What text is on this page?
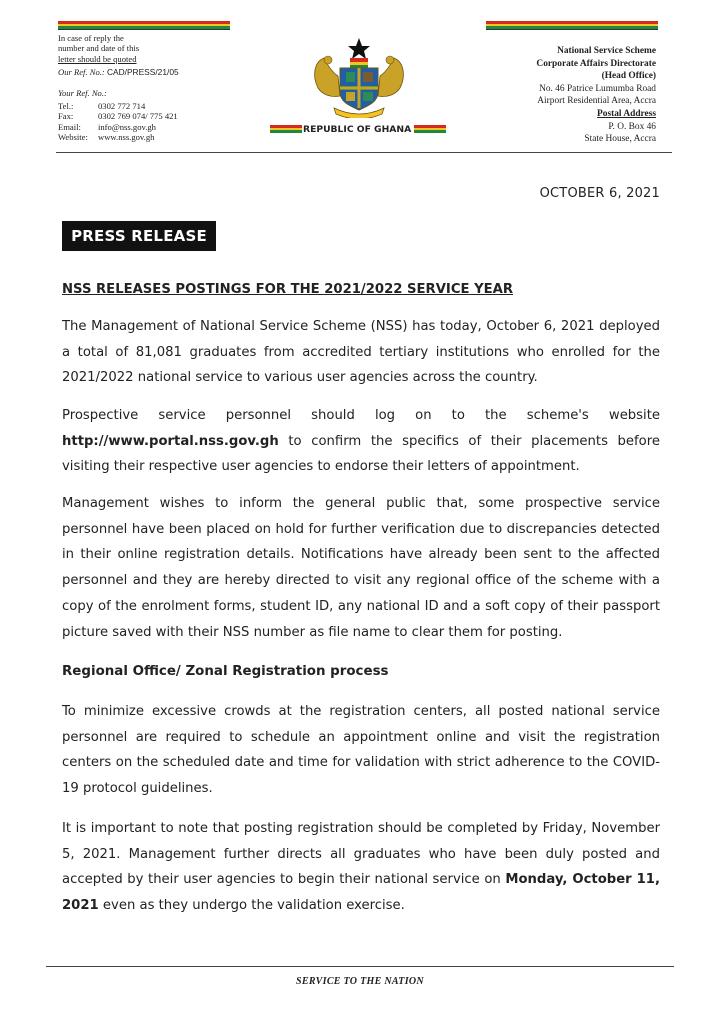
In case of reply the
number and date of this
letter should be quoted
Our Ref. No.: CAD/PRESS/21/05
Your Ref. No.:
Tel.:	0302 772 714
Fax:	0302 769 074/ 775 421
Email:	info@nss.gov.gh
Website:	www.nss.gov.gh
REPUBLIC OF GHANA
National Service Scheme
Corporate Affairs Directorate
(Head Office)
No. 46 Patrice Lumumba Road
Airport Residential Area, Accra
Postal Address
P. O. Box 46
State House, Accra
OCTOBER 6, 2021
PRESS RELEASE
NSS RELEASES POSTINGS FOR THE 2021/2022 SERVICE YEAR
The Management of National Service Scheme (NSS) has today, October 6, 2021 deployed a total of 81,081 graduates from accredited tertiary institutions who enrolled for the 2021/2022 national service to various user agencies across the country.
Prospective service personnel should log on to the scheme's website http://www.portal.nss.gov.gh to confirm the specifics of their placements before visiting their respective user agencies to endorse their letters of appointment.
Management wishes to inform the general public that, some prospective service personnel have been placed on hold for further verification due to discrepancies detected in their online registration details. Notifications have already been sent to the affected personnel and they are hereby directed to visit any regional office of the scheme with a copy of the enrolment forms, student ID, any national ID and a soft copy of their passport picture saved with their NSS number as file name to clear them for posting.
Regional Office/ Zonal Registration process
To minimize excessive crowds at the registration centers, all posted national service personnel are required to schedule an appointment online and visit the registration centers on the scheduled date and time for validation with strict adherence to the COVID-19 protocol guidelines.
It is important to note that posting registration should be completed by Friday, November 5, 2021. Management further directs all graduates who have been duly posted and accepted by their user agencies to begin their national service on Monday, October 11, 2021 even as they undergo the validation exercise.
SERVICE TO THE NATION
